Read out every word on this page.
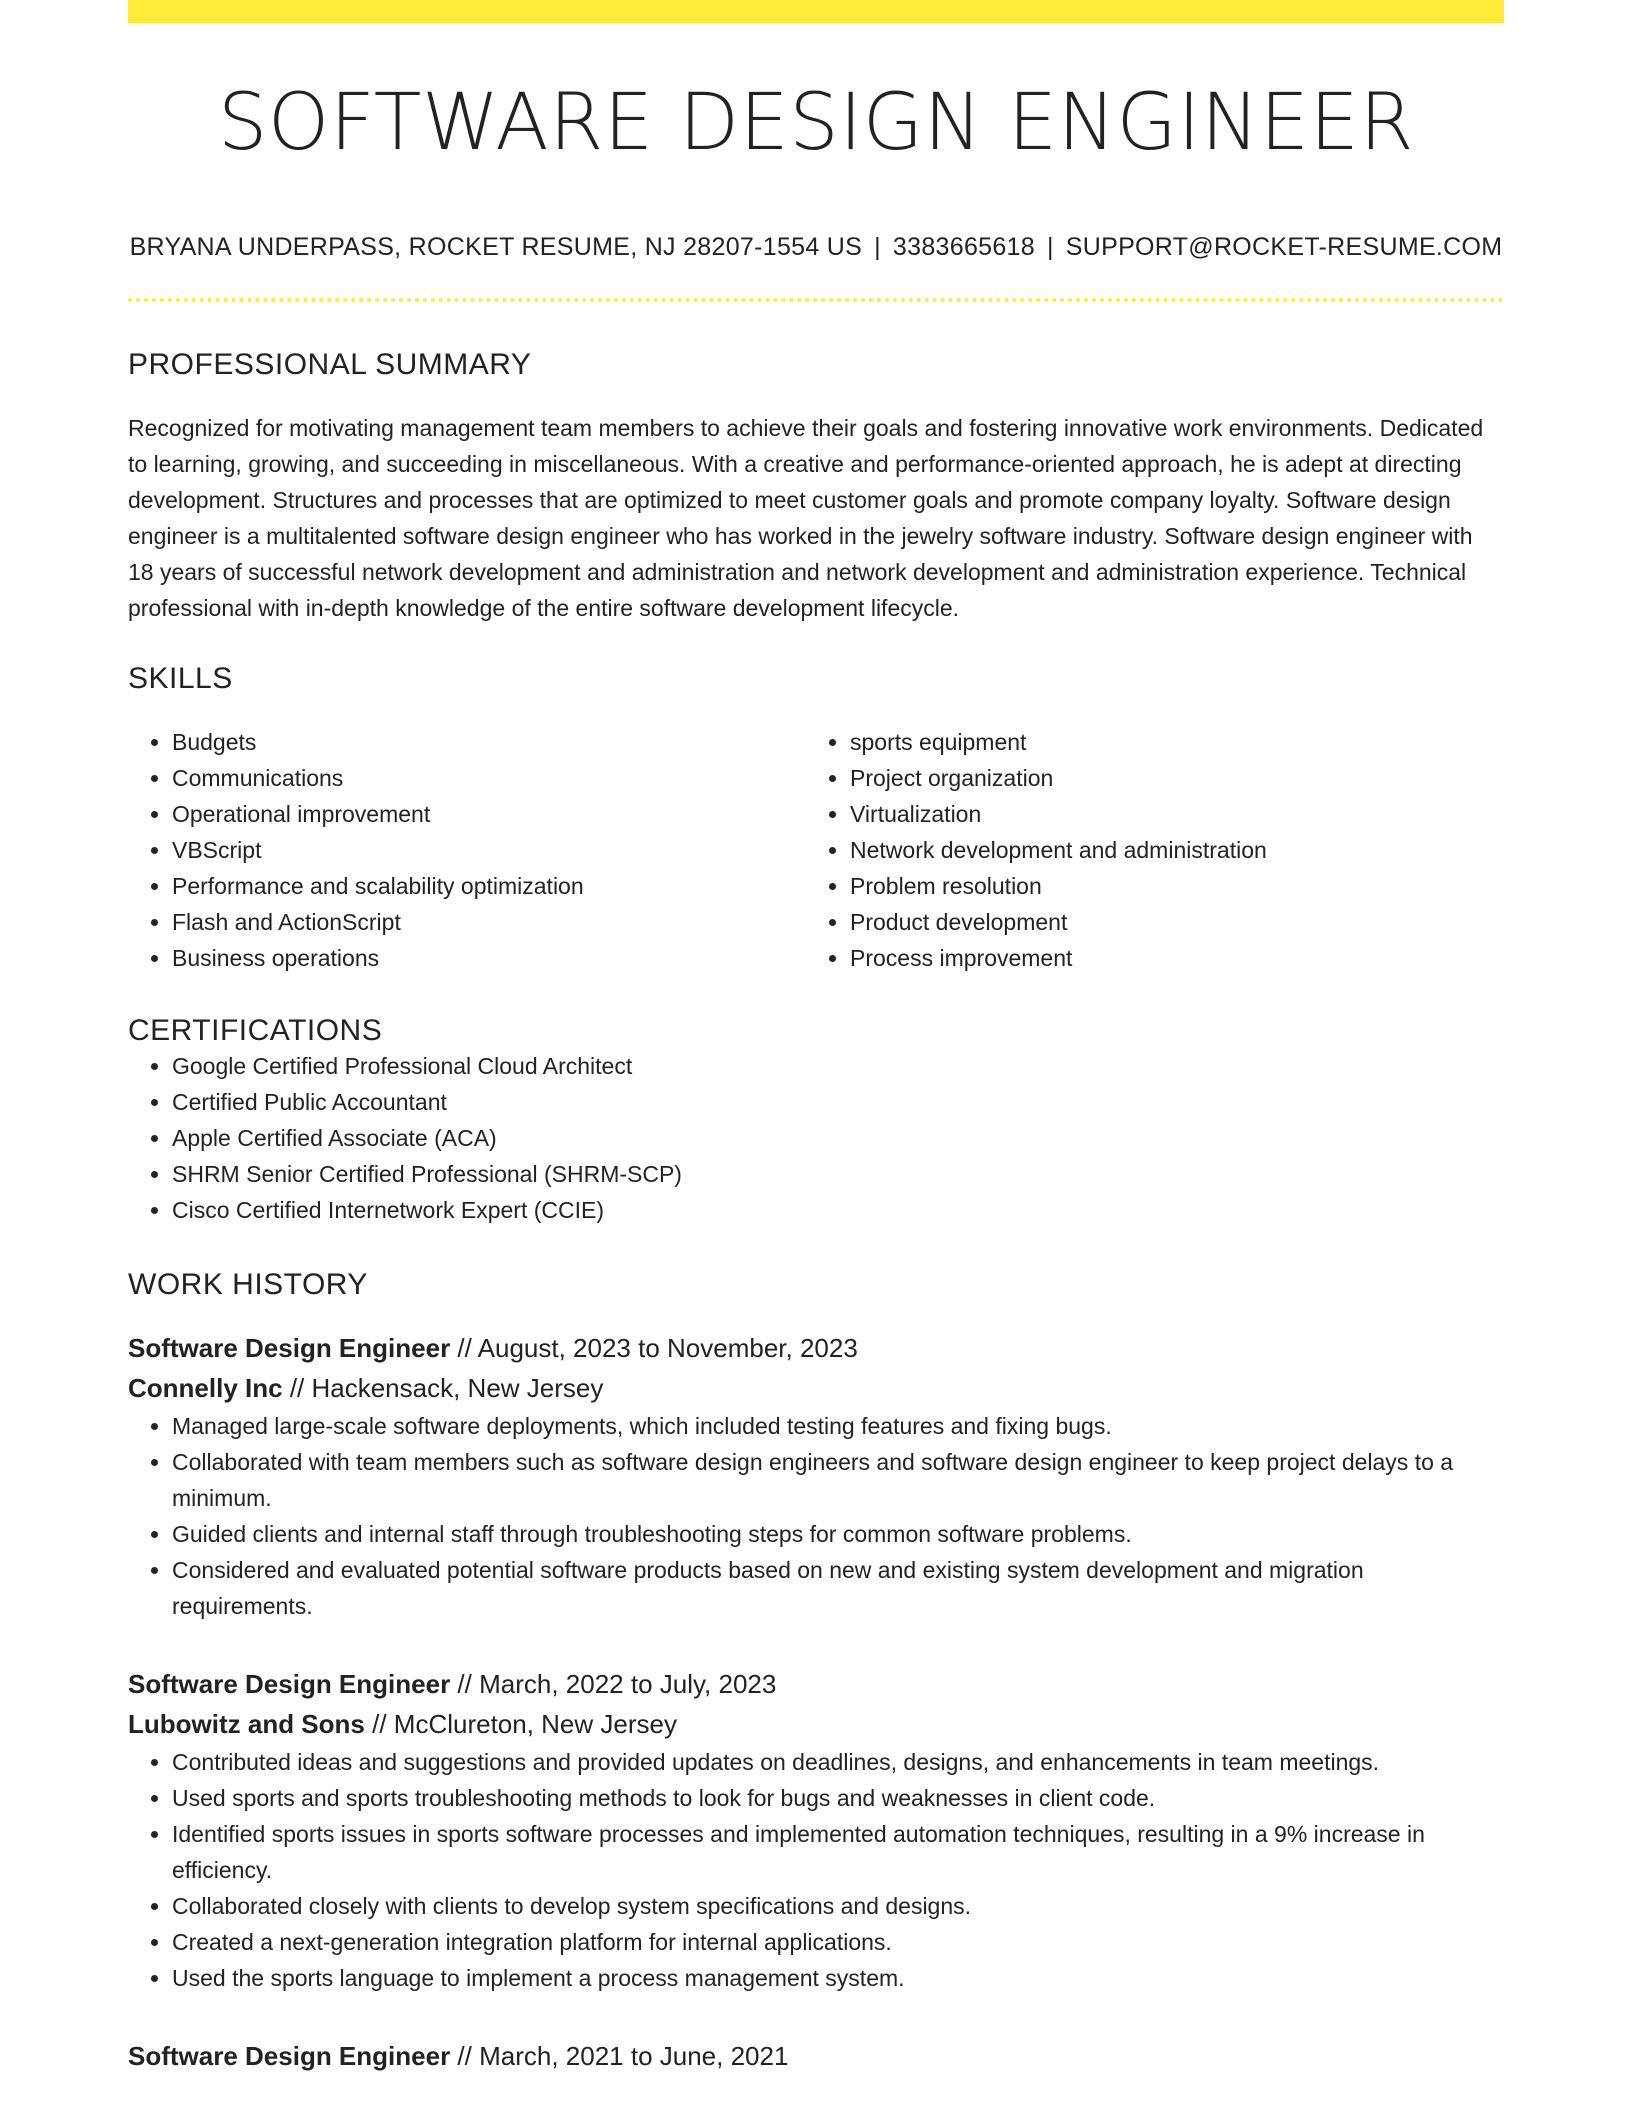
SOFTWARE DESIGN ENGINEER
BRYANA UNDERPASS, ROCKET RESUME, NJ 28207-1554 US | 3383665618 | SUPPORT@ROCKET-RESUME.COM
PROFESSIONAL SUMMARY
Recognized for motivating management team members to achieve their goals and fostering innovative work environments. Dedicated to learning, growing, and succeeding in miscellaneous. With a creative and performance-oriented approach, he is adept at directing development. Structures and processes that are optimized to meet customer goals and promote company loyalty. Software design engineer is a multitalented software design engineer who has worked in the jewelry software industry. Software design engineer with 18 years of successful network development and administration and network development and administration experience. Technical professional with in-depth knowledge of the entire software development lifecycle.
SKILLS
• Budgets
• Communications
• Operational improvement
• VBScript
• Performance and scalability optimization
• Flash and ActionScript
• Business operations
• sports equipment
• Project organization
• Virtualization
• Network development and administration
• Problem resolution
• Product development
• Process improvement
CERTIFICATIONS
• Google Certified Professional Cloud Architect
• Certified Public Accountant
• Apple Certified Associate (ACA)
• SHRM Senior Certified Professional (SHRM-SCP)
• Cisco Certified Internetwork Expert (CCIE)
WORK HISTORY
Software Design Engineer // August, 2023 to November, 2023
Connelly Inc // Hackensack, New Jersey
• Managed large-scale software deployments, which included testing features and fixing bugs.
• Collaborated with team members such as software design engineers and software design engineer to keep project delays to a minimum.
• Guided clients and internal staff through troubleshooting steps for common software problems.
• Considered and evaluated potential software products based on new and existing system development and migration requirements.
Software Design Engineer // March, 2022 to July, 2023
Lubowitz and Sons // McClureton, New Jersey
• Contributed ideas and suggestions and provided updates on deadlines, designs, and enhancements in team meetings.
• Used sports and sports troubleshooting methods to look for bugs and weaknesses in client code.
• Identified sports issues in sports software processes and implemented automation techniques, resulting in a 9% increase in efficiency.
• Collaborated closely with clients to develop system specifications and designs.
• Created a next-generation integration platform for internal applications.
• Used the sports language to implement a process management system.
Software Design Engineer // March, 2021 to June, 2021
